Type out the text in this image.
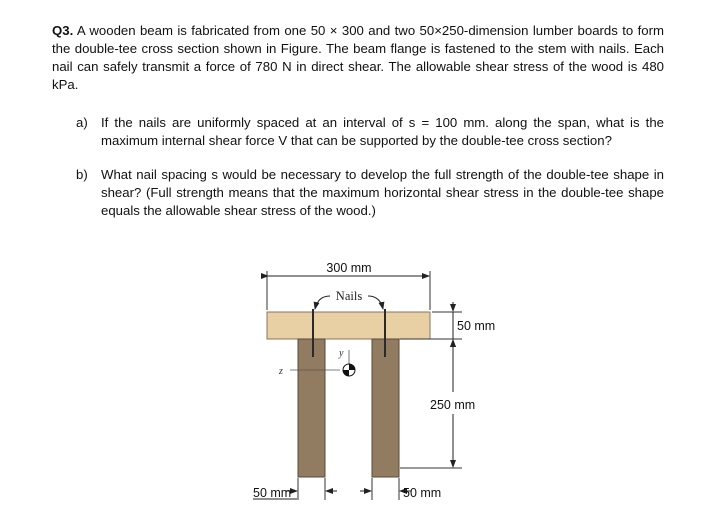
Q3. A wooden beam is fabricated from one 50 × 300 and two 50×250-dimension lumber boards to form the double-tee cross section shown in Figure. The beam flange is fastened to the stem with nails. Each nail can safely transmit a force of 780 N in direct shear. The allowable shear stress of the wood is 480 kPa.
a)	If the nails are uniformly spaced at an interval of s = 100 mm. along the span, what is the maximum internal shear force V that can be supported by the double-tee cross section?
b)	What nail spacing s would be necessary to develop the full strength of the double-tee shape in shear? (Full strength means that the maximum horizontal shear stress in the double-tee shape equals the allowable shear stress of the wood.)
300 mm
Nails
y
z
50 mm
250 mm
50 mm	50 mm
